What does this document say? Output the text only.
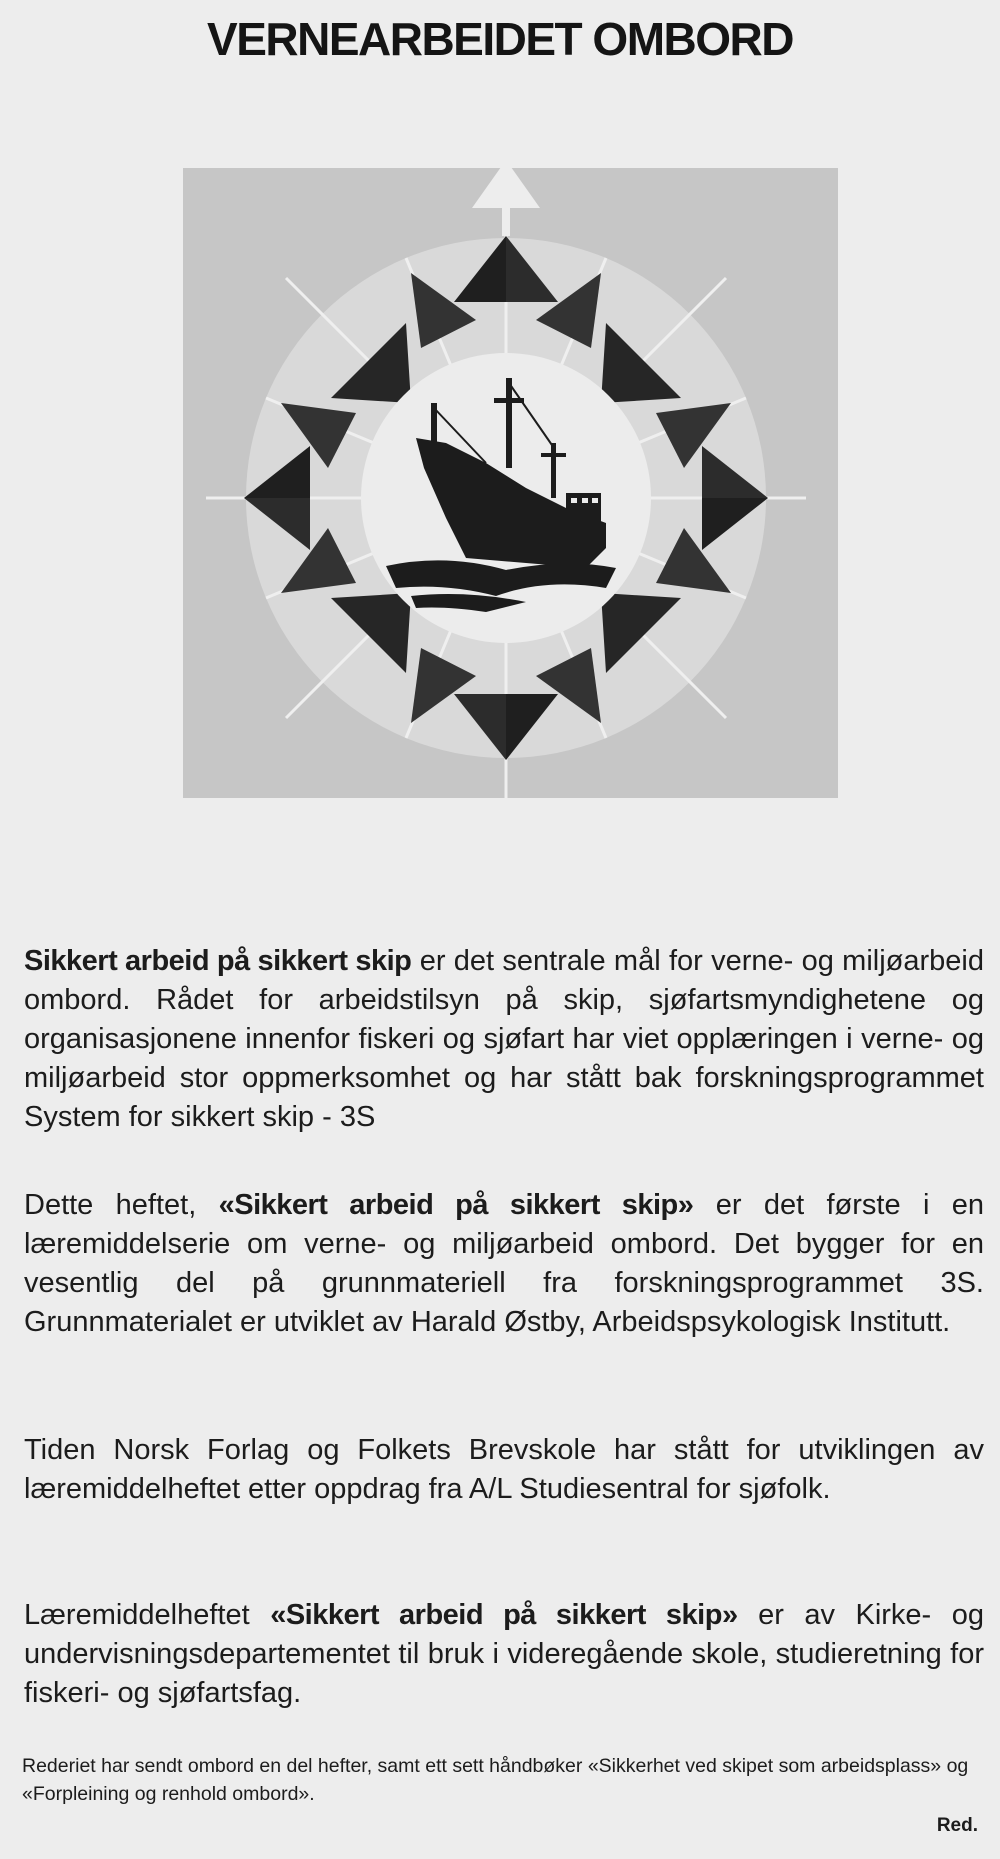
VERNEARBEIDET OMBORD

Sikkert arbeid på sikkert skip er det sentrale mål for verne- og miljøarbeid ombord. Rådet for arbeidstilsyn på skip, sjøfartsmyndighetene og organisasjonene innenfor fiskeri og sjøfart har viet opplæringen i verne- og miljøarbeid stor oppmerksomhet og har stått bak forskningsprogrammet System for sikkert skip - 3S

Dette heftet, «Sikkert arbeid på sikkert skip» er det første i en læremiddelserie om verne- og miljøarbeid ombord. Det bygger for en vesentlig del på grunnmateriell fra forskningsprogrammet 3S. Grunnmaterialet er utviklet av Harald Østby, Arbeidspsykologisk Institutt.

Tiden Norsk Forlag og Folkets Brevskole har stått for utviklingen av læremiddelheftet etter oppdrag fra A/L Studiesentral for sjøfolk.

Læremiddelheftet «Sikkert arbeid på sikkert skip» er av Kirke- og undervisningsdepartementet til bruk i videregående skole, studieretning for fiskeri- og sjøfartsfag.

Rederiet har sendt ombord en del hefter, samt ett sett håndbøker «Sikkerhet ved skipet som arbeidsplass» og «Forpleining og renhold ombord».
Red.
